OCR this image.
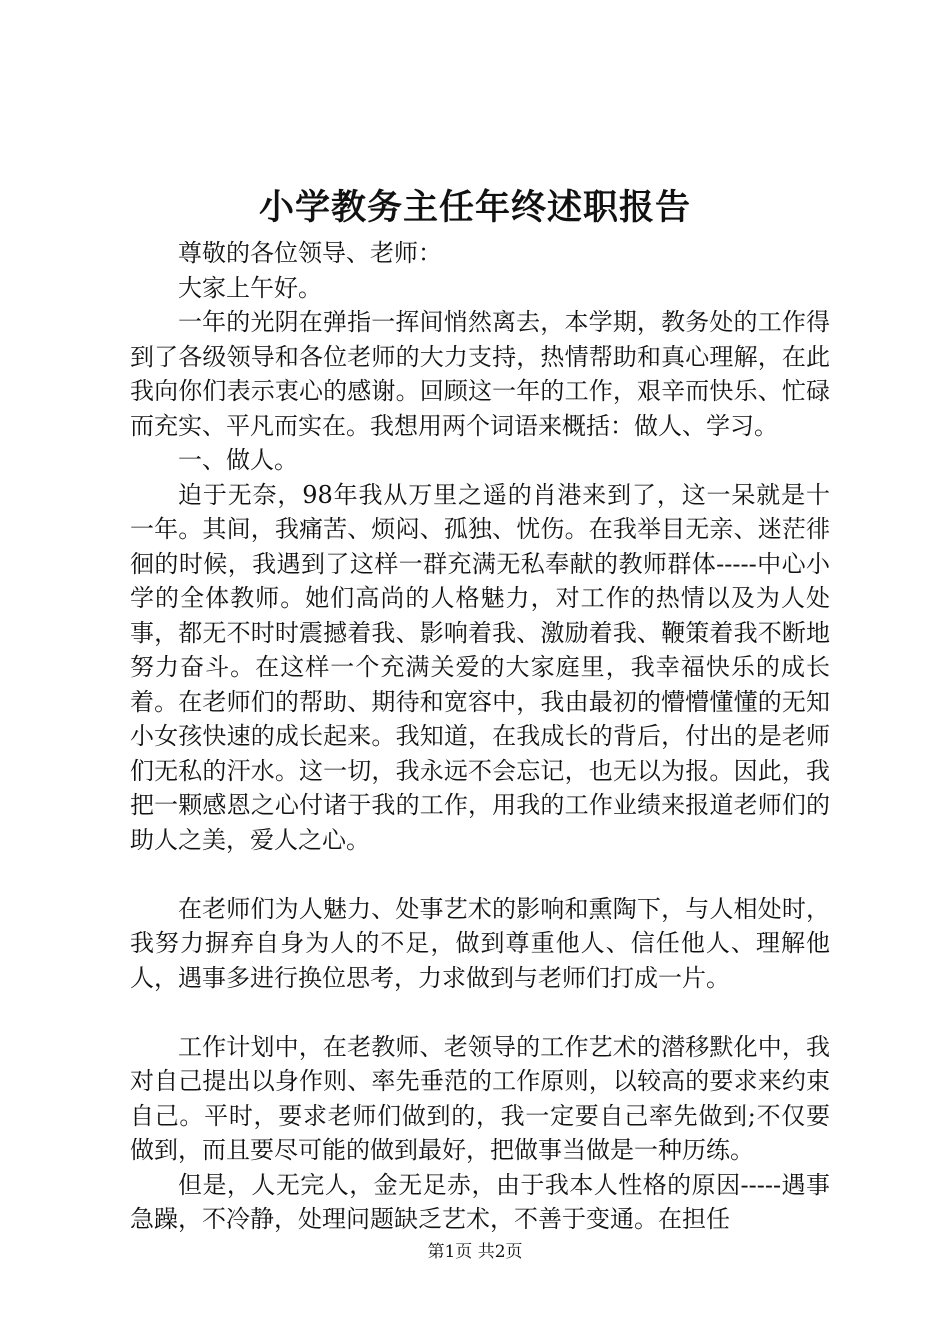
小学教务主任年终述职报告

尊敬的各位领导、老师：

大家上午好。

一年的光阴在弹指一挥间悄然离去，本学期，教务处的工作得到了各级领导和各位老师的大力支持，热情帮助和真心理解，在此我向你们表示衷心的感谢。回顾这一年的工作，艰辛而快乐、忙碌而充实、平凡而实在。我想用两个词语来概括：做人、学习。

一、做人。

迫于无奈，98年我从万里之遥的肖港来到了，这一呆就是十一年。其间，我痛苦、烦闷、孤独、忧伤。在我举目无亲、迷茫徘徊的时候，我遇到了这样一群充满无私奉献的教师群体-----中心小学的全体教师。她们高尚的人格魅力，对工作的热情以及为人处事，都无不时时震撼着我、影响着我、激励着我、鞭策着我不断地努力奋斗。在这样一个充满关爱的大家庭里，我幸福快乐的成长着。在老师们的帮助、期待和宽容中，我由最初的懵懵懂懂的无知小女孩快速的成长起来。我知道，在我成长的背后，付出的是老师们无私的汗水。这一切，我永远不会忘记，也无以为报。因此，我把一颗感恩之心付诸于我的工作，用我的工作业绩来报道老师们的助人之美，爱人之心。

在老师们为人魅力、处事艺术的影响和熏陶下，与人相处时，我努力摒弃自身为人的不足，做到尊重他人、信任他人、理解他人，遇事多进行换位思考，力求做到与老师们打成一片。

工作计划中，在老教师、老领导的工作艺术的潜移默化中，我对自己提出以身作则、率先垂范的工作原则，以较高的要求来约束自己。平时，要求老师们做到的，我一定要自己率先做到;不仅要做到，而且要尽可能的做到最好，把做事当做是一种历练。

但是，人无完人，金无足赤，由于我本人性格的原因-----遇事急躁，不冷静，处理问题缺乏艺术，不善于变通。在担任

第1页 共2页
